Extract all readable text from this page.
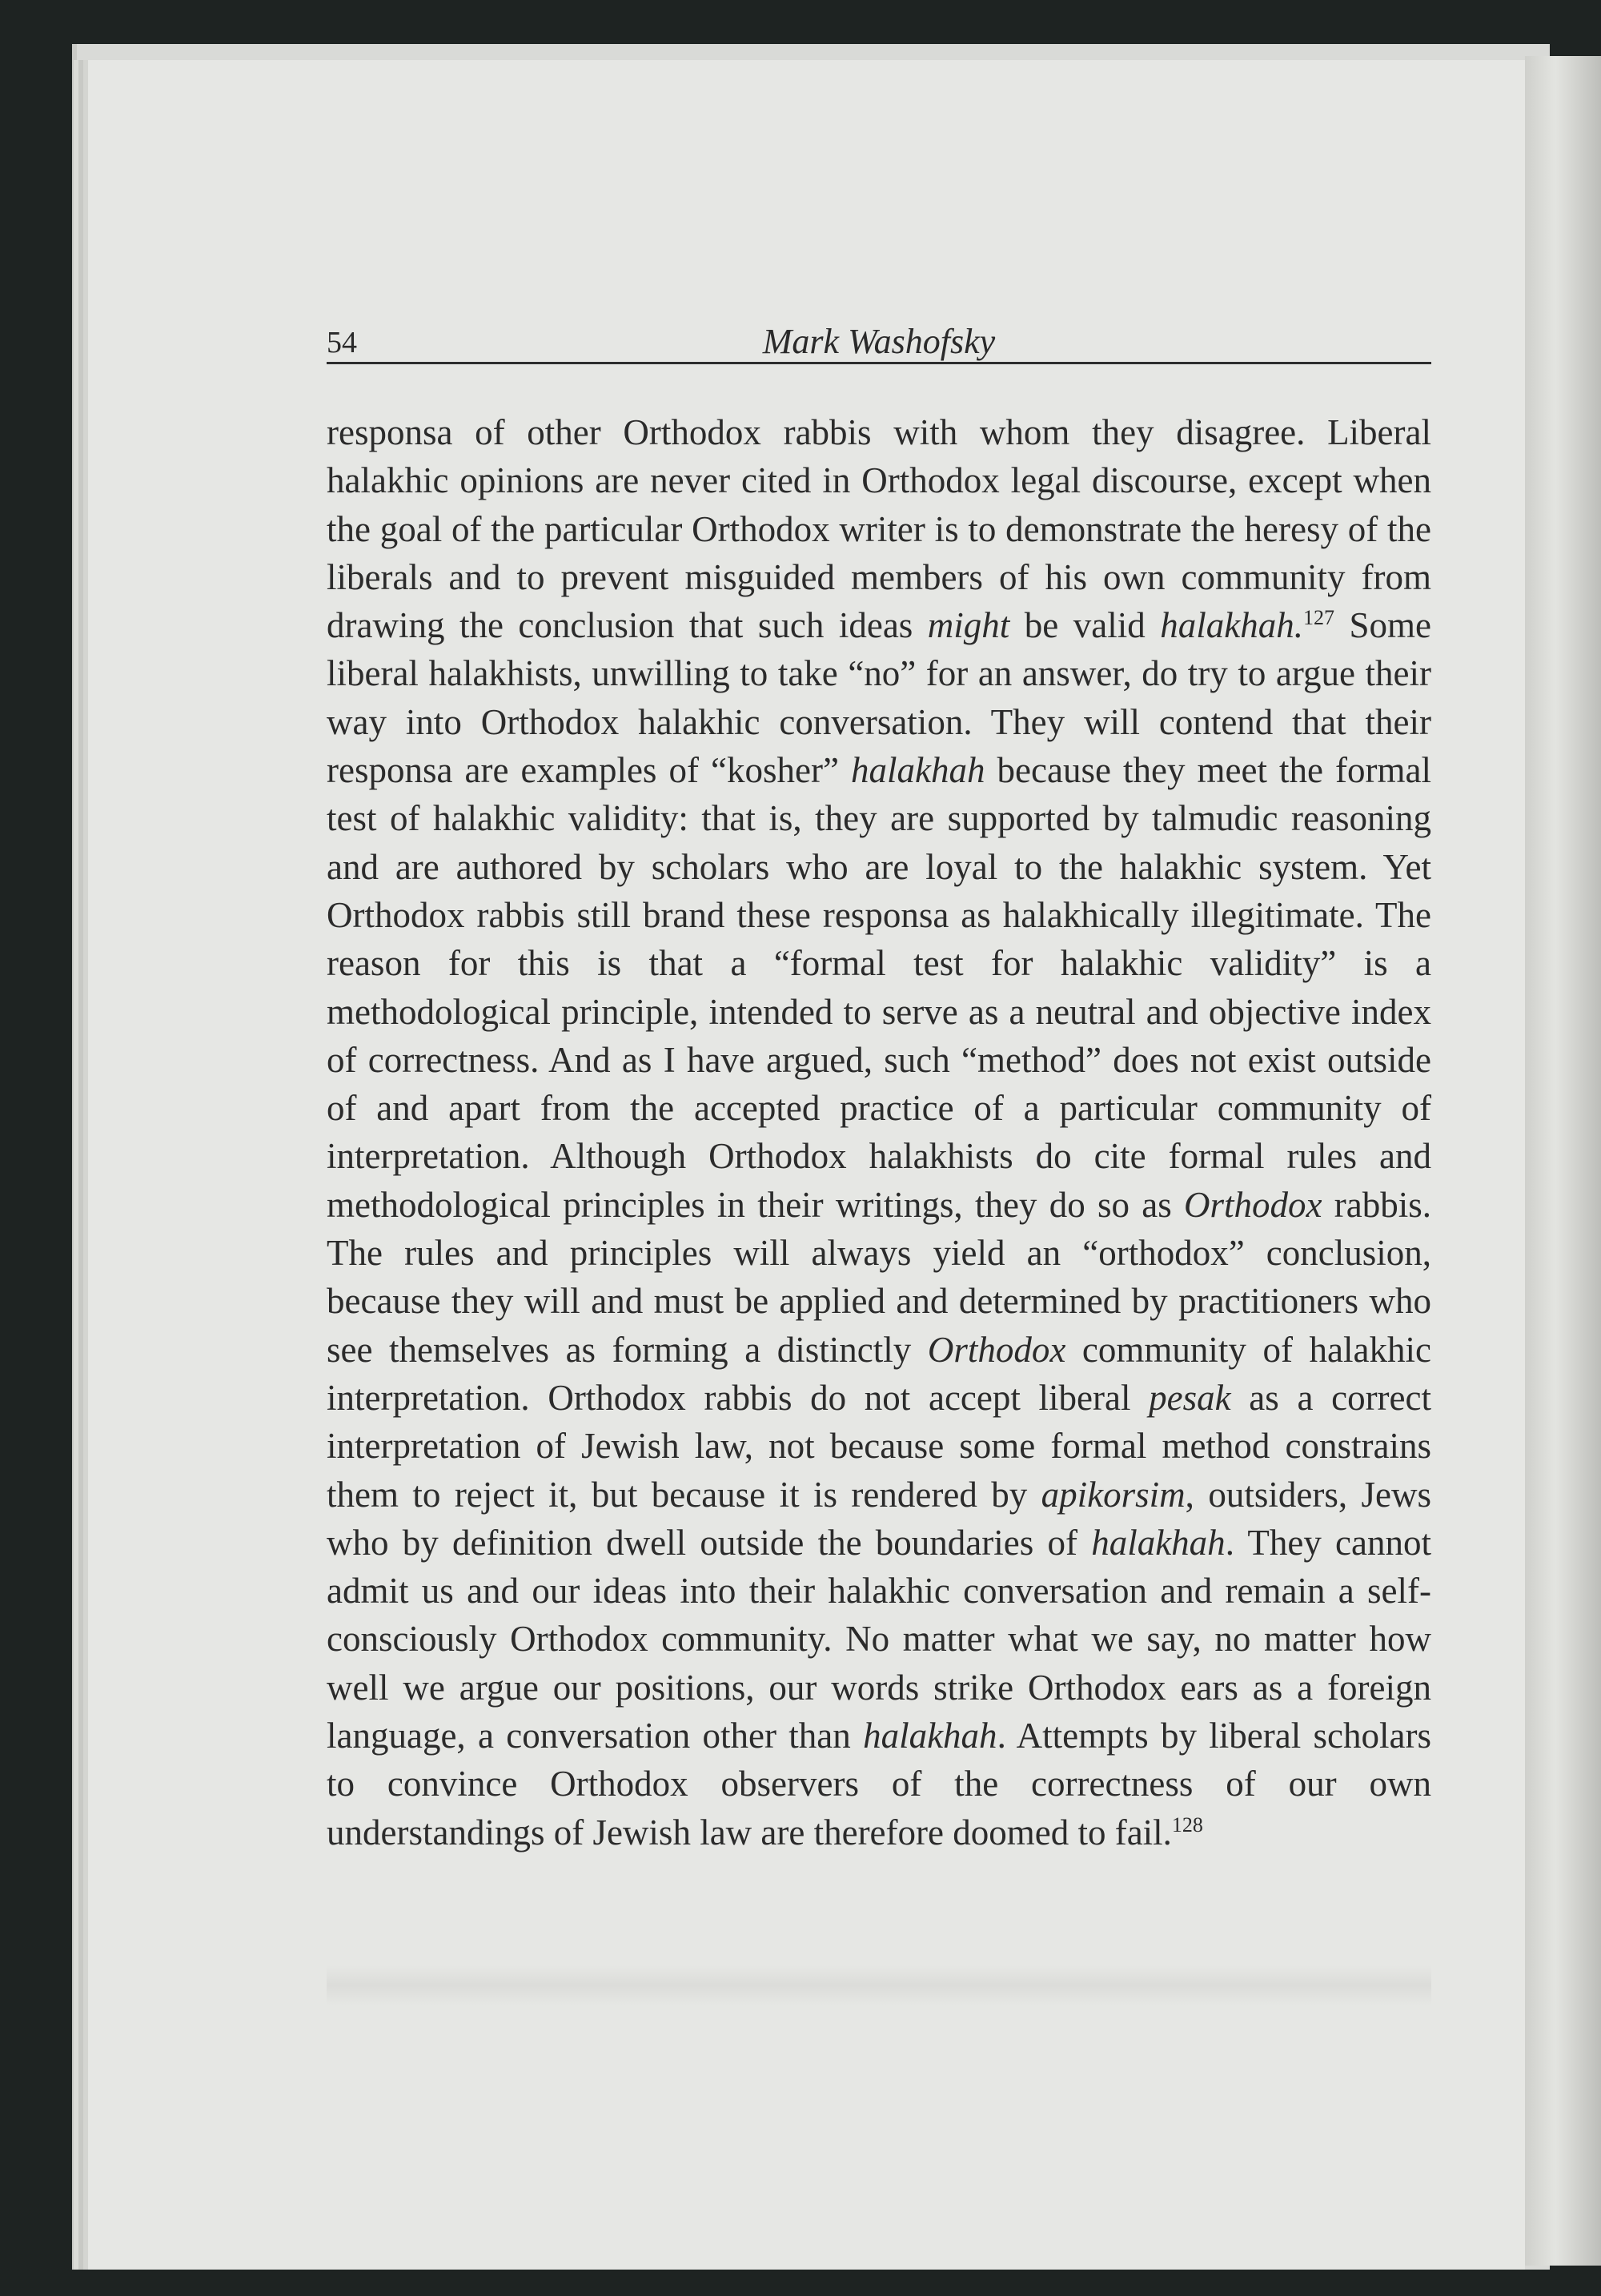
54	Mark Washofsky

responsa of other Orthodox rabbis with whom they disagree. Liberal halakhic opinions are never cited in Orthodox legal discourse, except when the goal of the particular Orthodox writer is to demonstrate the heresy of the liberals and to prevent misguided members of his own community from drawing the conclusion that such ideas might be valid halakhah.$^{127}$ Some liberal halakhists, unwilling to take “no” for an answer, do try to argue their way into Orthodox halakhic conversation. They will contend that their responsa are examples of “kosher” halakhah because they meet the formal test of halakhic validity: that is, they are supported by talmudic reasoning and are authored by scholars who are loyal to the halakhic system. Yet Orthodox rabbis still brand these responsa as halakhically illegitimate. The reason for this is that a “formal test for halakhic validity” is a methodological principle, intended to serve as a neutral and objective index of correctness. And as I have argued, such “method” does not exist outside of and apart from the accepted practice of a particular community of interpretation. Although Orthodox halakhists do cite formal rules and methodological principles in their writings, they do so as Orthodox rabbis. The rules and principles will always yield an “orthodox” conclusion, because they will and must be applied and determined by practitioners who see themselves as forming a distinctly Orthodox community of halakhic interpretation. Orthodox rabbis do not accept liberal pesak as a correct interpretation of Jewish law, not because some formal method constrains them to reject it, but because it is rendered by apikorsim, outsiders, Jews who by definition dwell outside the boundaries of halakhah. They cannot admit us and our ideas into their halakhic conversation and remain a self-consciously Orthodox community. No matter what we say, no matter how well we argue our positions, our words strike Orthodox ears as a foreign language, a conversation other than halakhah. Attempts by liberal scholars to convince Orthodox observers of the correctness of our own understandings of Jewish law are therefore doomed to fail.$^{128}$
